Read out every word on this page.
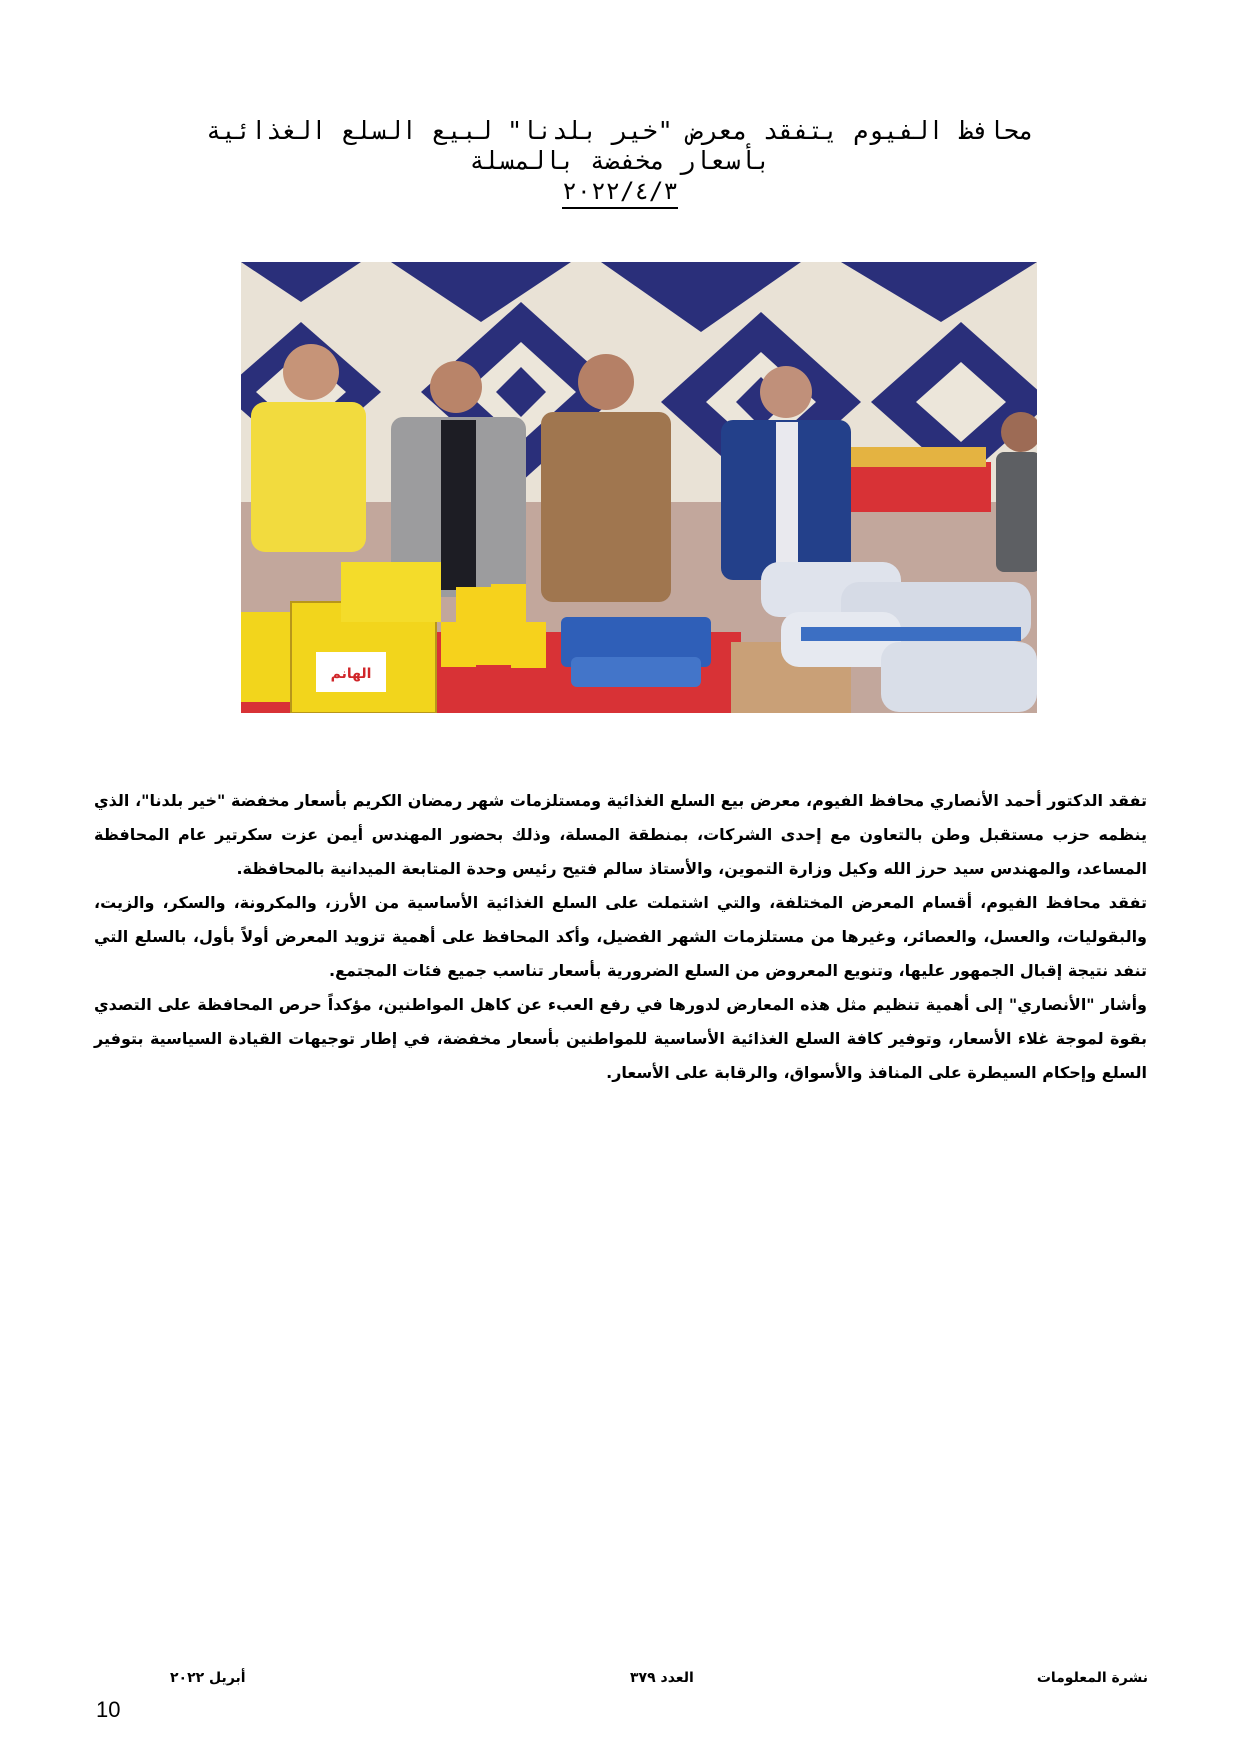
محافظ الفيوم يتفقد معرض "خير بلدنا" لبيع السلع الغذائية

بأسعار مخفضة بالمسلة

٢٠٢٢/٤/٣
الهانم

تفقد الدكتور أحمد الأنصاري محافظ الفيوم، معرض بيع السلع الغذائية ومستلزمات شهر رمضان الكريم بأسعار مخفضة "خير بلدنا"، الذي ينظمه حزب مستقبل وطن بالتعاون مع إحدى الشركات، بمنطقة المسلة، وذلك بحضور المهندس أيمن عزت سكرتير عام المحافظة المساعد، والمهندس سيد حرز الله وكيل وزارة التموين، والأستاذ سالم فتيح رئيس وحدة المتابعة الميدانية بالمحافظة.

تفقد محافظ الفيوم، أقسام المعرض المختلفة، والتي اشتملت على السلع الغذائية الأساسية من الأرز، والمكرونة، والسكر، والزيت، والبقوليات، والعسل، والعصائر، وغيرها من مستلزمات الشهر الفضيل، وأكد المحافظ على أهمية تزويد المعرض أولاً بأول، بالسلع التي تنفد نتيجة إقبال الجمهور عليها، وتنويع المعروض من السلع الضرورية بأسعار تناسب جميع فئات المجتمع.

وأشار "الأنصاري" إلى أهمية تنظيم مثل هذه المعارض لدورها في رفع العبء عن كاهل المواطنين، مؤكداً حرص المحافظة على التصدي بقوة لموجة غلاء الأسعار، وتوفير كافة السلع الغذائية الأساسية للمواطنين بأسعار مخفضة، في إطار توجيهات القيادة السياسية بتوفير السلع وإحكام السيطرة على المنافذ والأسواق، والرقابة على الأسعار.

نشرة المعلومات
العدد ٣٧٩
أبريل ٢٠٢٢
10
